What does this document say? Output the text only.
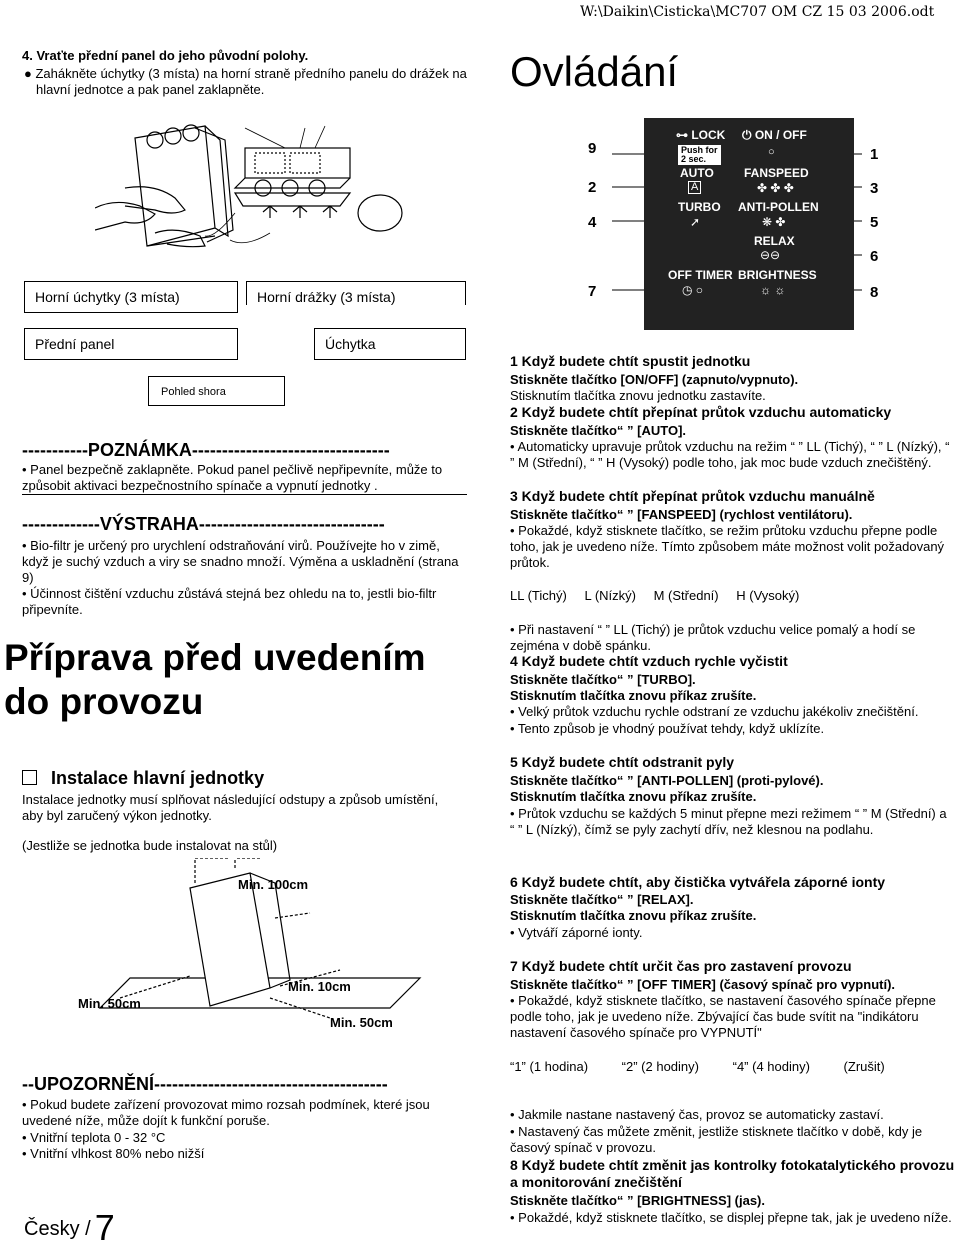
W:\Daikin\Cisticka\MC707 OM CZ 15 03 2006.odt
4. Vraťte přední panel do jeho původní polohy.
● Zahákněte úchytky (3 místa) na horní straně předního panelu do drážek na hlavní jednotce a pak panel zaklapněte.	Ovládání
Horní úchytky (3 místa)	Horní drážky (3 místa)
Přední panel	Úchytka
Pohled shora
9	1
2	3
4	5
6
7	8
⊶ LOCK
Push for
2 sec.
⏻ ON / OFF
○
AUTO
A
FANSPEED
✤ ✤ ✤
TURBO
➚
ANTI-POLLEN
❋ ✤
RELAX
⊖⊖
OFF TIMER
◷ ○
BRIGHTNESS
☼ ☼
-----------POZNÁMKA---------------------------------
• Panel bezpečně zaklapněte. Pokud panel pečlivě nepřipevníte, může to způsobit aktivaci bezpečnostního spínače a vypnutí jednotky .
-------------VÝSTRAHA-------------------------------
• Bio-filtr je určený pro urychlení odstraňování virů. Používejte ho v zimě, když je suchý vzduch a viry se snadno množí. Výměna a uskladnění (strana 9)
• Účinnost čištění vzduchu zůstává stejná bez ohledu na to, jestli bio-filtr připevníte.
Příprava před uvedením
do provozu
Instalace hlavní jednotky
Instalace jednotky musí splňovat následující odstupy a způsob umístění, aby byl zaručený výkon jednotky.
(Jestliže se jednotka bude instalovat na stůl)
Min. 100cm
Min. 10cm
Min. 50cm
Min. 50cm
--UPOZORNĚNÍ---------------------------------------
• Pokud budete zařízení provozovat mimo rozsah podmínek, které jsou uvedené níže, může dojít k funkční poruše.
• Vnitřní teplota 0 - 32 °C
• Vnitřní vlhkost 80% nebo nižší
Česky / 7
1 Když budete chtít spustit jednotku
Stiskněte tlačítko [ON/OFF] (zapnuto/vypnuto).
Stisknutím tlačítka znovu jednotku zastavíte.
2 Když budete chtít přepínat průtok vzduchu automaticky
Stiskněte tlačítko“ ” [AUTO].
• Automaticky upravuje průtok vzduchu na režim “ ” LL (Tichý), “ ” L (Nízký), “ ” M (Střední), “ ” H (Vysoký) podle toho, jak moc bude vzduch znečištěný.
3 Když budete chtít přepínat průtok vzduchu manuálně
Stiskněte tlačítko“ ” [FANSPEED] (rychlost ventilátoru).
• Pokaždé, když stisknete tlačítko, se režim průtoku vzduchu přepne podle toho, jak je uvedeno níže. Tímto způsobem máte možnost volit požadovaný průtok.
LL (Tichý) L (Nízký) M (Střední) H (Vysoký)
• Při nastavení “ ” LL (Tichý) je průtok vzduchu velice pomalý a hodí se zejména v době spánku.
4 Když budete chtít vzduch rychle vyčistit
Stiskněte tlačítko“ ” [TURBO].
Stisknutím tlačítka znovu příkaz zrušíte.
• Velký průtok vzduchu rychle odstraní ze vzduchu jakékoliv znečištění.
• Tento způsob je vhodný používat tehdy, když uklízíte.
5 Když budete chtít odstranit pyly
Stiskněte tlačítko“ ” [ANTI-POLLEN] (proti-pylové).
Stisknutím tlačítka znovu příkaz zrušíte.
• Průtok vzduchu se každých 5 minut přepne mezi režimem “ ” M (Střední) a “ ” L (Nízký), čímž se pyly zachytí dřív, než klesnou na podlahu.
6 Když budete chtít, aby čistička vytvářela záporné ionty
Stiskněte tlačítko“ ” [RELAX].
Stisknutím tlačítka znovu příkaz zrušíte.
• Vytváří záporné ionty.
7 Když budete chtít určit čas pro zastavení provozu
Stiskněte tlačítko“ ” [OFF TIMER] (časový spínač pro vypnutí).
• Pokaždé, když stisknete tlačítko, se nastavení časového spínače přepne podle toho, jak je uvedeno níže. Zbývající čas bude svítit na "indikátoru nastavení časového spínače pro VYPNUTÍ"
“1” (1 hodina)	“2” (2 hodiny)	“4” (4 hodiny)	(Zrušit)
• Jakmile nastane nastavený čas, provoz se automaticky zastaví.
• Nastavený čas můžete změnit, jestliže stisknete tlačítko v době, kdy je časový spínač v provozu.
8 Když budete chtít změnit jas kontrolky fotokatalytického provozu a monitorování znečištění
Stiskněte tlačítko“ ” [BRIGHTNESS] (jas).
• Pokaždé, když stisknete tlačítko, se displej přepne tak, jak je uvedeno níže.
